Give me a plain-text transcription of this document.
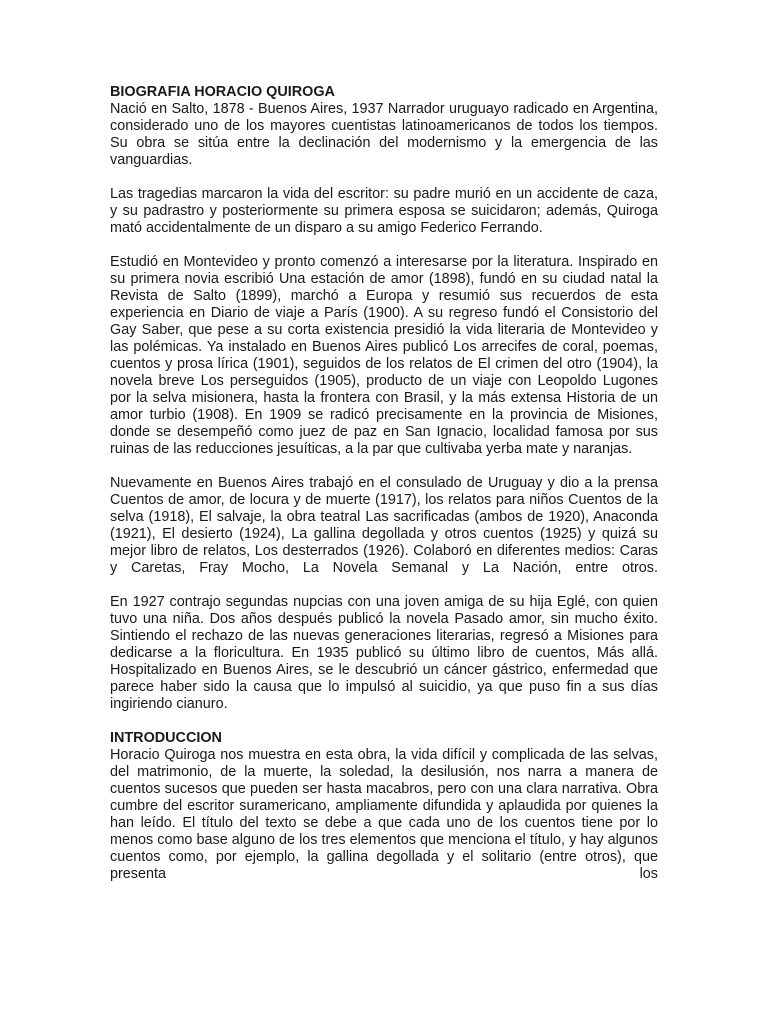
BIOGRAFIA HORACIO QUIROGA

Nació en Salto, 1878 - Buenos Aires, 1937 Narrador uruguayo radicado en Argentina, considerado uno de los mayores cuentistas latinoamericanos de todos los tiempos. Su obra se sitúa entre la declinación del modernismo y la emergencia de las vanguardias.

Las tragedias marcaron la vida del escritor: su padre murió en un accidente de caza, y su padrastro y posteriormente su primera esposa se suicidaron; además, Quiroga mató accidentalmente de un disparo a su amigo Federico Ferrando.

Estudió en Montevideo y pronto comenzó a interesarse por la literatura. Inspirado en su primera novia escribió Una estación de amor (1898), fundó en su ciudad natal la Revista de Salto (1899), marchó a Europa y resumió sus recuerdos de esta experiencia en Diario de viaje a París (1900). A su regreso fundó el Consistorio del Gay Saber, que pese a su corta existencia presidió la vida literaria de Montevideo y las polémicas. Ya instalado en Buenos Aires publicó Los arrecifes de coral, poemas, cuentos y prosa lírica (1901), seguidos de los relatos de El crimen del otro (1904), la novela breve Los perseguidos (1905), producto de un viaje con Leopoldo Lugones por la selva misionera, hasta la frontera con Brasil, y la más extensa Historia de un amor turbio (1908). En 1909 se radicó precisamente en la provincia de Misiones, donde se desempeñó como juez de paz en San Ignacio, localidad famosa por sus ruinas de las reducciones jesuíticas, a la par que cultivaba yerba mate y naranjas.

Nuevamente en Buenos Aires trabajó en el consulado de Uruguay y dio a la prensa Cuentos de amor, de locura y de muerte (1917), los relatos para niños Cuentos de la selva (1918), El salvaje, la obra teatral Las sacrificadas (ambos de 1920), Anaconda (1921), El desierto (1924), La gallina degollada y otros cuentos (1925) y quizá su mejor libro de relatos, Los desterrados (1926). Colaboró en diferentes medios: Caras y Caretas, Fray Mocho, La Novela Semanal y La Nación, entre otros.

En 1927 contrajo segundas nupcias con una joven amiga de su hija Eglé, con quien tuvo una niña. Dos años después publicó la novela Pasado amor, sin mucho éxito. Sintiendo el rechazo de las nuevas generaciones literarias, regresó a Misiones para dedicarse a la floricultura. En 1935 publicó su último libro de cuentos, Más allá. Hospitalizado en Buenos Aires, se le descubrió un cáncer gástrico, enfermedad que parece haber sido la causa que lo impulsó al suicidio, ya que puso fin a sus días ingiriendo cianuro.

INTRODUCCION

Horacio Quiroga nos muestra en esta obra, la vida difícil y complicada de las selvas, del matrimonio, de la muerte, la soledad, la desilusión, nos narra a manera de cuentos sucesos que pueden ser hasta macabros, pero con una clara narrativa. Obra cumbre del escritor suramericano, ampliamente difundida y aplaudida por quienes la han leído. El título del texto se debe a que cada uno de los cuentos tiene por lo menos como base alguno de los tres elementos que menciona el título, y hay algunos cuentos como, por ejemplo, la gallina degollada y el solitario (entre otros), que presenta los
